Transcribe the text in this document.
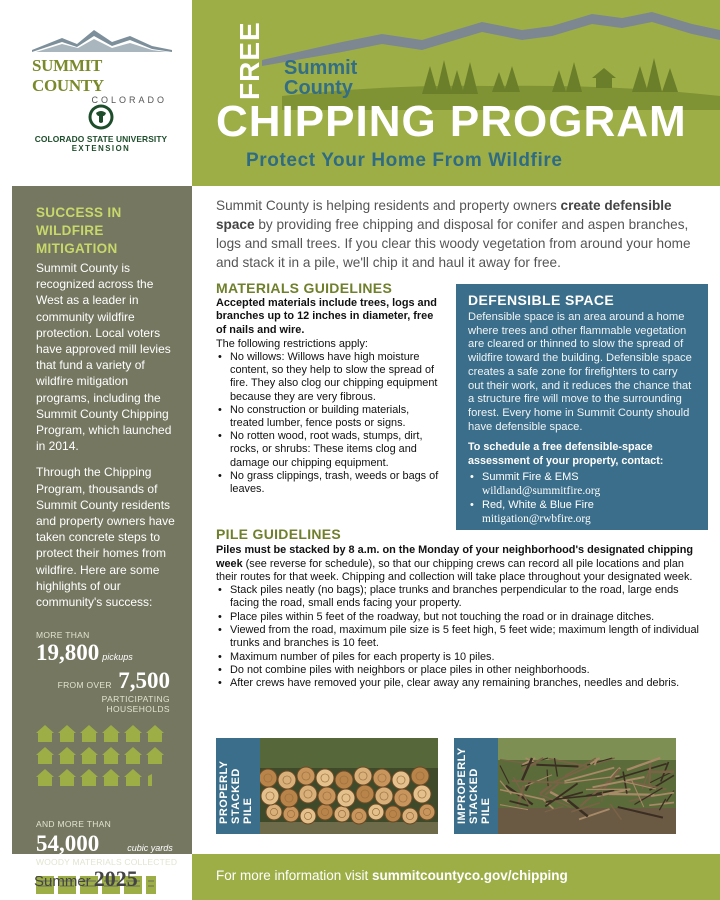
SUMMIT COUNTY
COLORADO
COLORADO STATE UNIVERSITY
EXTENSION
FREE Summit
County
CHIPPING PROGRAM
Protect Your Home From Wildfire
SUCCESS IN WILDFIRE MITIGATION
Summit County is recognized across the West as a leader in community wildfire protection. Local voters have approved mill levies that fund a variety of wildfire mitigation programs, including the Summit County Chipping Program, which launched in 2014.
Through the Chipping Program, thousands of Summit County residents and property owners have taken concrete steps to protect their homes from wildfire. Here are some highlights of our community's success:
MORE THAN
19,800 pickups
FROM OVER 7,500
PARTICIPATING HOUSEHOLDS
AND MORE THAN
54,000	cubic yards
WOODY MATERIALS COLLECTED
Summer 2025
Summit County is helping residents and property owners create defensible space by providing free chipping and disposal for conifer and aspen branches, logs and small trees. If you clear this woody vegetation from around your home and stack it in a pile, we'll chip it and haul it away for free.
MATERIALS GUIDELINES
Accepted materials include trees, logs and branches up to 12 inches in diameter, free of nails and wire.
The following restrictions apply:
• No willows: Willows have high moisture content, so they help to slow the spread of fire. They also clog our chipping equipment because they are very fibrous.
• No construction or building materials, treated lumber, fence posts or signs.
• No rotten wood, root wads, stumps, dirt, rocks, or shrubs: These items clog and damage our chipping equipment.
• No grass clippings, trash, weeds or bags of leaves.
DEFENSIBLE SPACE
Defensible space is an area around a home where trees and other flammable vegetation are cleared or thinned to slow the spread of wildfire toward the building. Defensible space creates a safe zone for firefighters to carry out their work, and it reduces the chance that a structure fire will move to the surrounding forest. Every home in Summit County should have defensible space.
To schedule a free defensible-space assessment of your property, contact:
• Summit Fire & EMS
wildland@summitfire.org
• Red, White & Blue Fire
mitigation@rwbfire.org
PILE GUIDELINES
Piles must be stacked by 8 a.m. on the Monday of your neighborhood's designated chipping week (see reverse for schedule), so that our chipping crews can record all pile locations and plan their routes for that week. Chipping and collection will take place throughout your designated week.
• Stack piles neatly (no bags); place trunks and branches perpendicular to the road, large ends facing the road, small ends facing your property.
• Place piles within 5 feet of the roadway, but not touching the road or in drainage ditches.
• Viewed from the road, maximum pile size is 5 feet high, 5 feet wide; maximum length of individual trunks and branches is 10 feet.
• Maximum number of piles for each property is 10 piles.
• Do not combine piles with neighbors or place piles in other neighborhoods.
• After crews have removed your pile, clear away any remaining branches, needles and debris.
PROPERLY STACKED PILE	IMPROPERLY STACKED PILE
For more information visit summitcountyco.gov/chipping
